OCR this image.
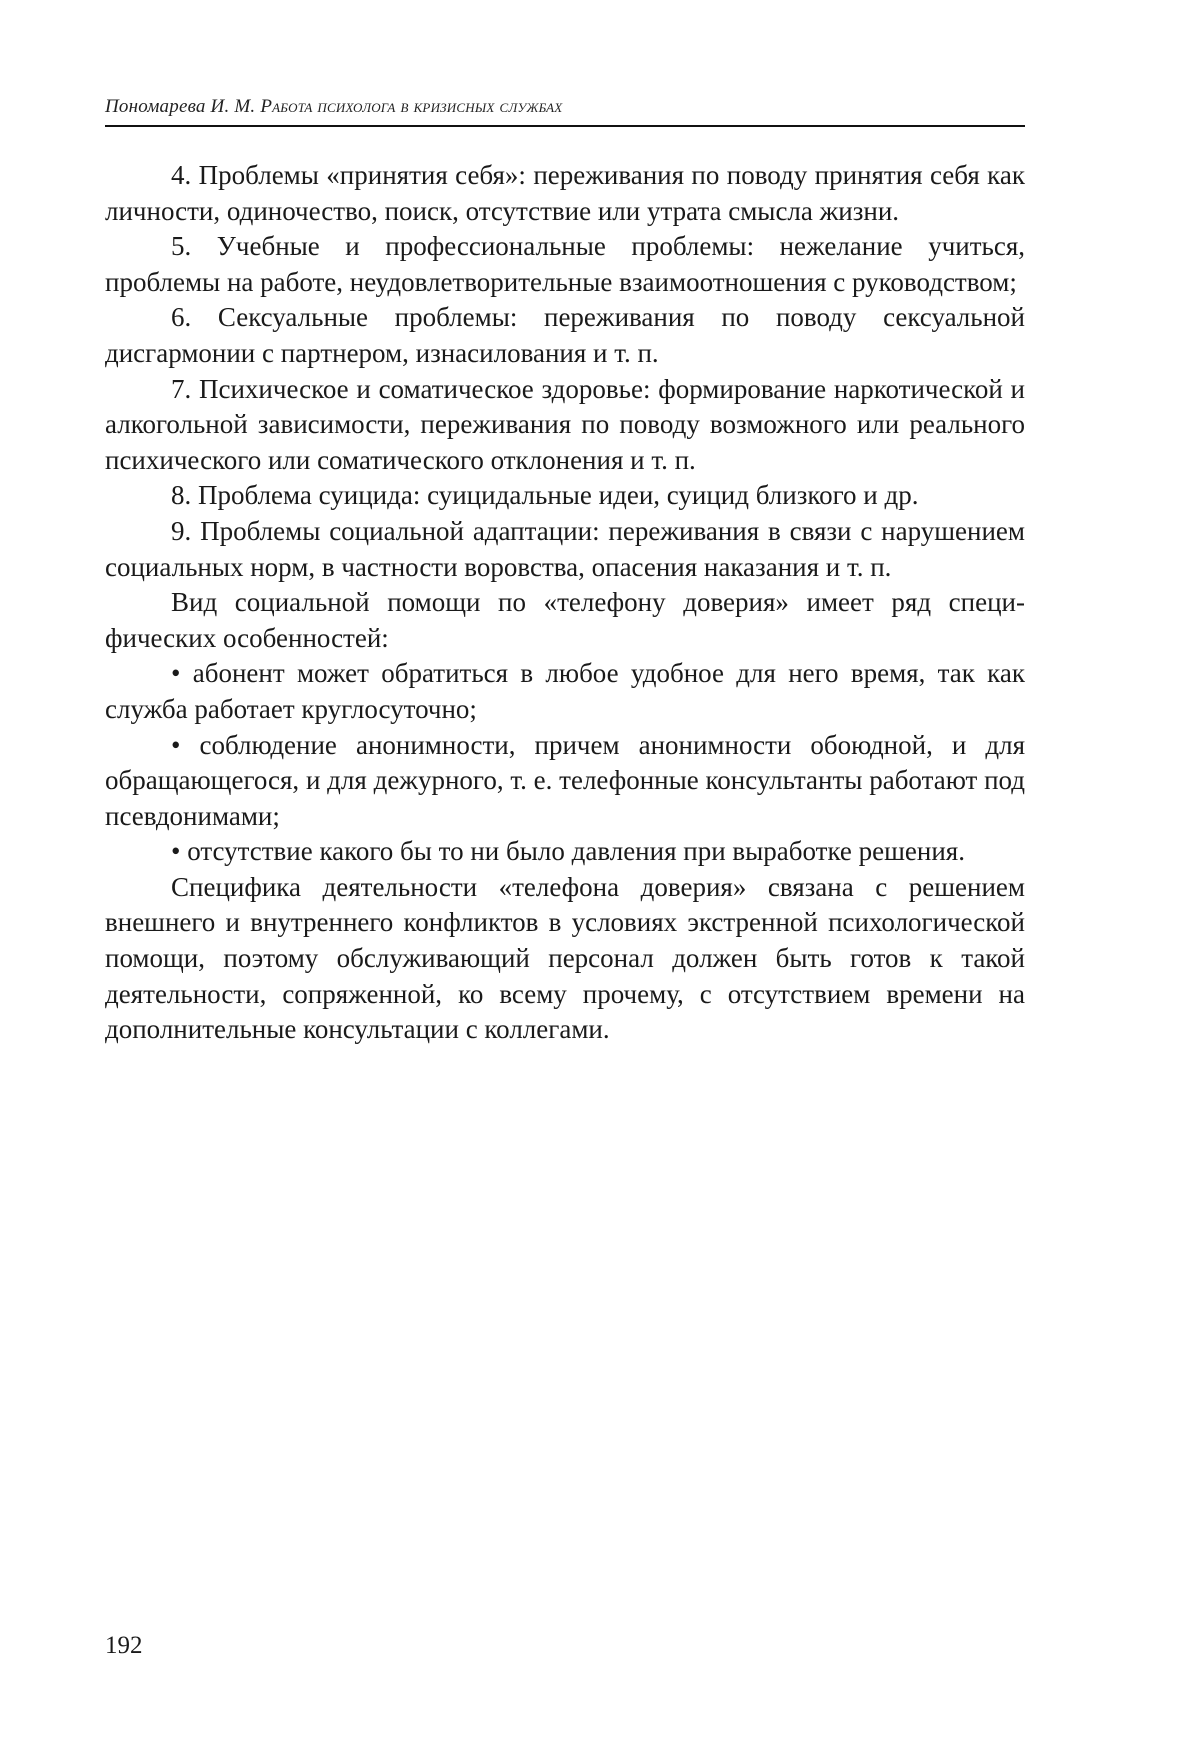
Пономарева И. М. Работа психолога в кризисных службах

4. Проблемы «принятия себя»: переживания по поводу принятия себя как личности, одиночество, поиск, отсутствие или утрата смысла жизни.

5. Учебные и профессиональные проблемы: нежелание учить­ся, проблемы на работе, неудовлетворительные взаимоотношения с руководством;

6. Сексуальные проблемы: переживания по поводу сексуальной дисгармонии с партнером, изнасилования и т. п.

7. Психическое и соматическое здоровье: формирование наркоти­ческой и алкогольной зависимости, переживания по поводу возмож­ного или реального психического или соматического отклонения и т. п.

8. Проблема суицида: суицидальные идеи, суицид близкого и др.

9. Проблемы социальной адаптации: переживания в связи с нару­шением социальных норм, в частности воровства, опасения наказания и т. п.

Вид социальной помощи по «телефону доверия» имеет ряд специ­фических особенностей:

• абонент может обратиться в любое удобное для него время, так как служба работает круглосуточно;

• соблюдение анонимности, причем анонимности обоюдной, и для обращающегося, и для дежурного, т. е. телефонные консультанты работают под псевдонимами;

• отсутствие какого бы то ни было давления при выработке решения.

Специфика деятельности «телефона доверия» связана с решением внешнего и внутреннего конфликтов в условиях экстренной психоло­гической помощи, поэтому обслуживающий персонал должен быть го­тов к такой деятельности, сопряженной, ко всему прочему, с отсутстви­ем времени на дополнительные консультации с коллегами.

192
